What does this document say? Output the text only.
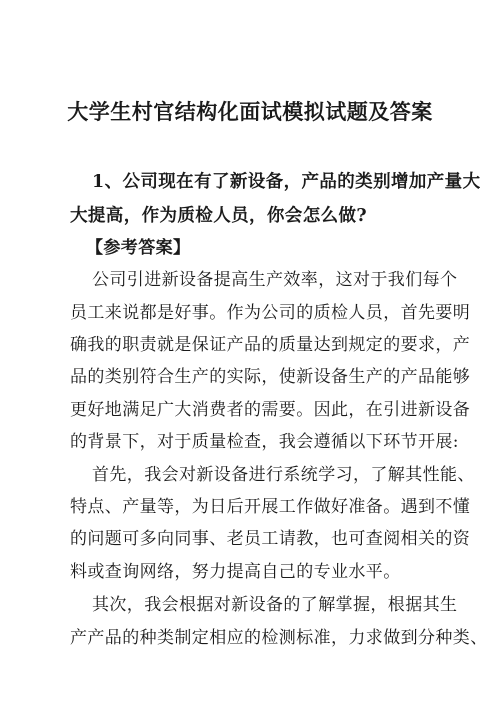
大学生村官结构化面试模拟试题及答案
1、公司现在有了新设备，产品的类别增加产量大
大提高，作为质检人员，你会怎么做?
【参考答案】
公司引进新设备提高生产效率，这对于我们每个
员工来说都是好事。作为公司的质检人员，首先要明
确我的职责就是保证产品的质量达到规定的要求，产
品的类别符合生产的实际，使新设备生产的产品能够
更好地满足广大消费者的需要。因此，在引进新设备
的背景下，对于质量检查，我会遵循以下环节开展:
首先，我会对新设备进行系统学习，了解其性能、
特点、产量等，为日后开展工作做好准备。遇到不懂
的问题可多向同事、老员工请教，也可查阅相关的资
料或查询网络，努力提高自己的专业水平。
其次，我会根据对新设备的了解掌握，根据其生
产产品的种类制定相应的检测标准，力求做到分种类、
